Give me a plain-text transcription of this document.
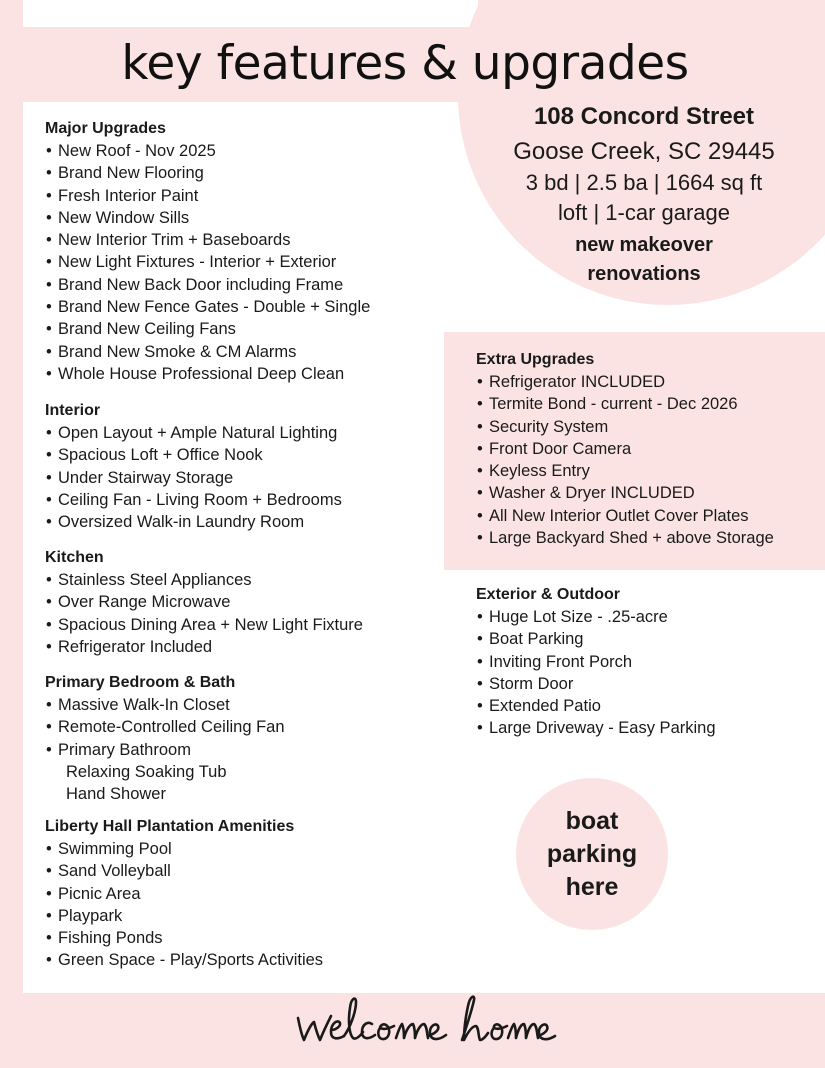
key features & upgrades
108 Concord Street
Goose Creek, SC 29445
3 bd | 2.5 ba | 1664 sq ft
loft | 1-car garage
new makeover
renovations
Major Upgrades
• New Roof - Nov 2025
• Brand New Flooring
• Fresh Interior Paint
• New Window Sills
• New Interior Trim + Baseboards
• New Light Fixtures - Interior + Exterior
• Brand New Back Door including Frame
• Brand New Fence Gates - Double + Single
• Brand New Ceiling Fans
• Brand New Smoke & CM Alarms
• Whole House Professional Deep Clean
Interior
• Open Layout + Ample Natural Lighting
• Spacious Loft + Office Nook
• Under Stairway Storage
• Ceiling Fan - Living Room + Bedrooms
• Oversized Walk-in Laundry Room
Kitchen
• Stainless Steel Appliances
• Over Range Microwave
• Spacious Dining Area + New Light Fixture
• Refrigerator Included
Primary Bedroom & Bath
• Massive Walk-In Closet
• Remote-Controlled Ceiling Fan
• Primary Bathroom
Relaxing Soaking Tub
Hand Shower
Liberty Hall Plantation Amenities
• Swimming Pool
• Sand Volleyball
• Picnic Area
• Playpark
• Fishing Ponds
• Green Space - Play/Sports Activities
Extra Upgrades
• Refrigerator INCLUDED
• Termite Bond - current - Dec 2026
• Security System
• Front Door Camera
• Keyless Entry
• Washer & Dryer INCLUDED
• All New Interior Outlet Cover Plates
• Large Backyard Shed + above Storage
Exterior & Outdoor
• Huge Lot Size - .25-acre
• Boat Parking
• Inviting Front Porch
• Storm Door
• Extended Patio
• Large Driveway - Easy Parking
boat
parking
here
